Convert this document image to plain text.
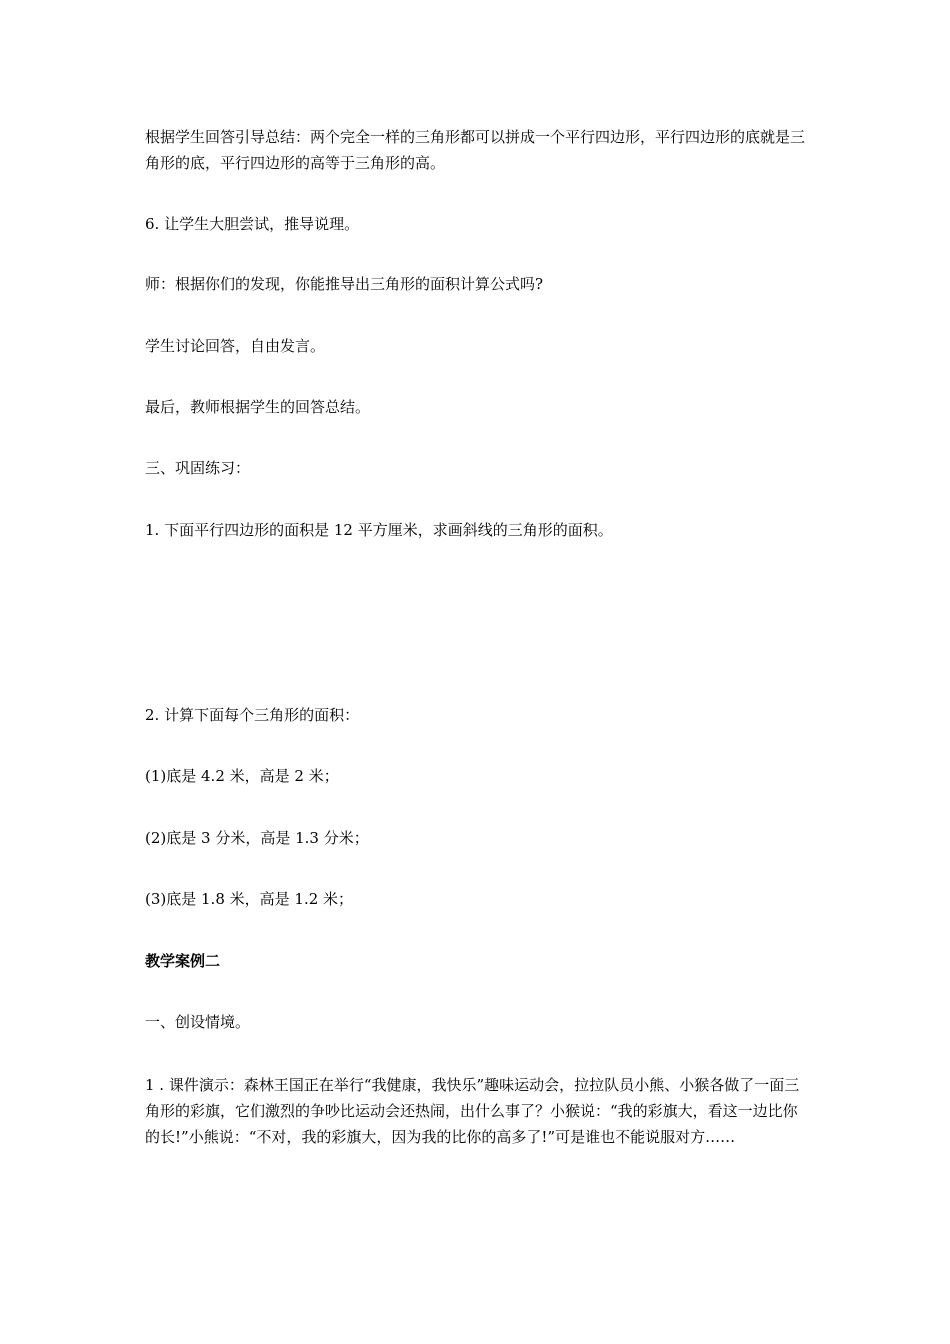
根据学生回答引导总结：两个完全一样的三角形都可以拼成一个平行四边形，平行四边形的底就是三角形的底，平行四边形的高等于三角形的高。

6. 让学生大胆尝试，推导说理。

师：根据你们的发现，你能推导出三角形的面积计算公式吗?

学生讨论回答，自由发言。

最后，教师根据学生的回答总结。

三、巩固练习：

1. 下面平行四边形的面积是 12 平方厘米，求画斜线的三角形的面积。

2. 计算下面每个三角形的面积：

(1)底是 4.2 米，高是 2 米；

(2)底是 3 分米，高是 1.3 分米；

(3)底是 1.8 米，高是 1.2 米；

教学案例二

一、创设情境。

1 . 课件演示：森林王国正在举行“我健康，我快乐”趣味运动会，拉拉队员小熊、小猴各做了一面三角形的彩旗，它们激烈的争吵比运动会还热闹，出什么事了？小猴说：“我的彩旗大，看这一边比你的长!”小熊说：“不对，我的彩旗大，因为我的比你的高多了!”可是谁也不能说服对方……
